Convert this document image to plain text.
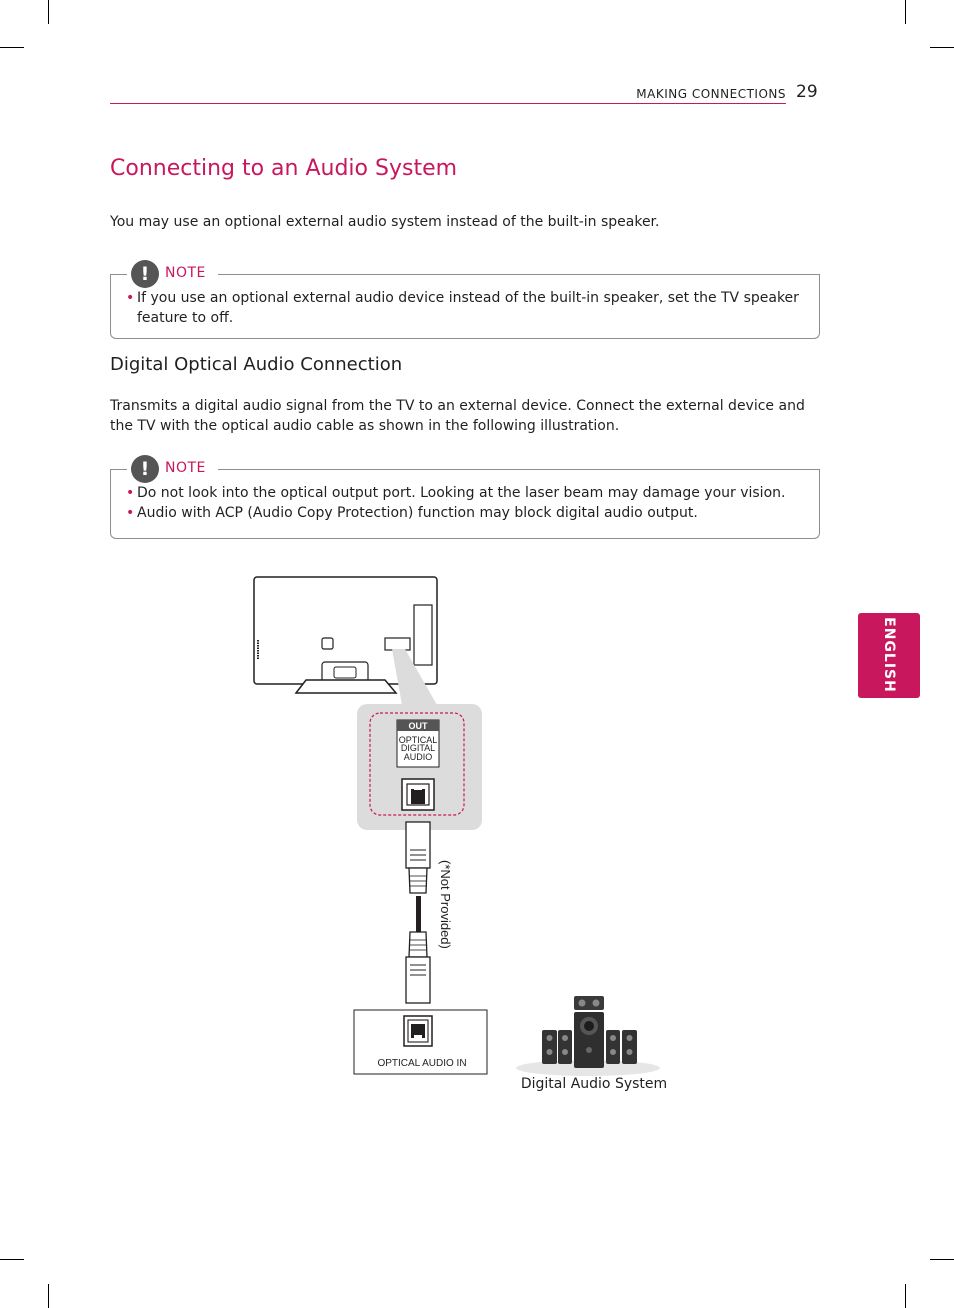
MAKING CONNECTIONS 29
Connecting to an Audio System

You may use an optional external audio system instead of the built-in speaker.

!	NOTE
• If you use an optional external audio device instead of the built-in speaker, set the TV speaker feature to off.
Digital Optical Audio Connection

Transmits a digital audio signal from the TV to an external device. Connect the external device and the TV with the optical audio cable as shown in the following illustration.

!	NOTE
• Do not look into the optical output port. Looking at the laser beam may damage your vision.
• Audio with ACP (Audio Copy Protection) function may block digital audio output.
ENGLISH
OUT
OPTICAL
DIGITAL
AUDIO
(*Not Provided)
OPTICAL AUDIO IN
Digital Audio System
